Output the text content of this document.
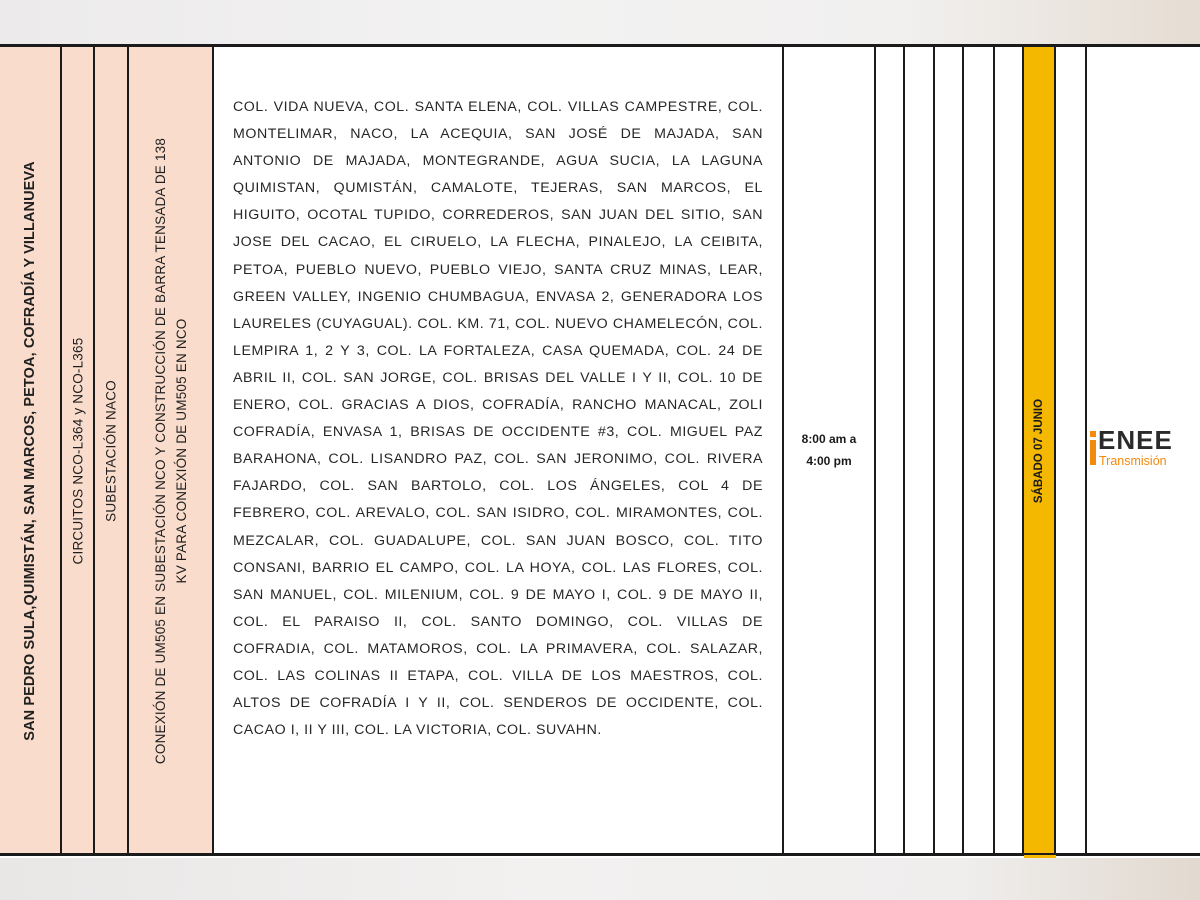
SAN PEDRO SULA,QUIMISTÁN, SAN MARCOS, PETOA, COFRADÍA Y VILLANUEVA CIRCUITOS NCO-L364 y NCO-L365 SUBESTACIÓN NACO	CONEXIÓN DE UM505 EN SUBESTACIÓN NCO Y CONSTRUCCIÓN DE BARRA TENSADA DE 138 KV PARA CONEXIÓN DE UM505 EN NCO
COL. VIDA NUEVA, COL. SANTA ELENA, COL. VILLAS CAMPESTRE, COL. MONTELIMAR, NACO, LA ACEQUIA, SAN JOSÉ DE MAJADA, SAN ANTONIO DE MAJADA, MONTEGRANDE, AGUA SUCIA, LA LAGUNA QUIMISTAN, QUMISTÁN, CAMALOTE, TEJERAS, SAN MARCOS, EL HIGUITO, OCOTAL TUPIDO, CORREDEROS, SAN JUAN DEL SITIO, SAN JOSE DEL CACAO, EL CIRUELO, LA FLECHA, PINALEJO, LA CEIBITA, PETOA, PUEBLO NUEVO, PUEBLO VIEJO, SANTA CRUZ MINAS, LEAR, GREEN VALLEY, INGENIO CHUMBAGUA, ENVASA 2, GENERADORA LOS LAURELES (CUYAGUAL). COL. KM. 71, COL. NUEVO CHAMELECÓN, COL. LEMPIRA 1, 2 Y 3, COL. LA FORTALEZA, CASA QUEMADA, COL. 24 DE ABRIL II, COL. SAN JORGE, COL. BRISAS DEL VALLE I Y II, COL. 10 DE ENERO, COL. GRACIAS A DIOS, COFRADÍA, RANCHO MANACAL, ZOLI COFRADÍA, ENVASA 1, BRISAS DE OCCIDENTE #3, COL. MIGUEL PAZ BARAHONA, COL. LISANDRO PAZ, COL. SAN JERONIMO, COL. RIVERA FAJARDO, COL. SAN BARTOLO, COL. LOS ÁNGELES, COL 4 DE FEBRERO, COL. AREVALO, COL. SAN ISIDRO, COL. MIRAMONTES, COL. MEZCALAR, COL. GUADALUPE, COL. SAN JUAN BOSCO, COL. TITO CONSANI, BARRIO EL CAMPO, COL. LA HOYA, COL. LAS FLORES, COL. SAN MANUEL, COL. MILENIUM, COL. 9 DE MAYO I, COL. 9 DE MAYO II, COL. EL PARAISO II, COL. SANTO DOMINGO, COL. VILLAS DE COFRADIA, COL. MATAMOROS, COL. LA PRIMAVERA, COL. SALAZAR, COL. LAS COLINAS II ETAPA, COL. VILLA DE LOS MAESTROS, COL. ALTOS DE COFRADÍA I Y II, COL. SENDEROS DE OCCIDENTE, COL. CACAO I, II Y III, COL. LA VICTORIA, COL. SUVAHN.
8:00 am a
4:00 pm	SÁBADO 07 JUNIO ENEE
Transmisión
